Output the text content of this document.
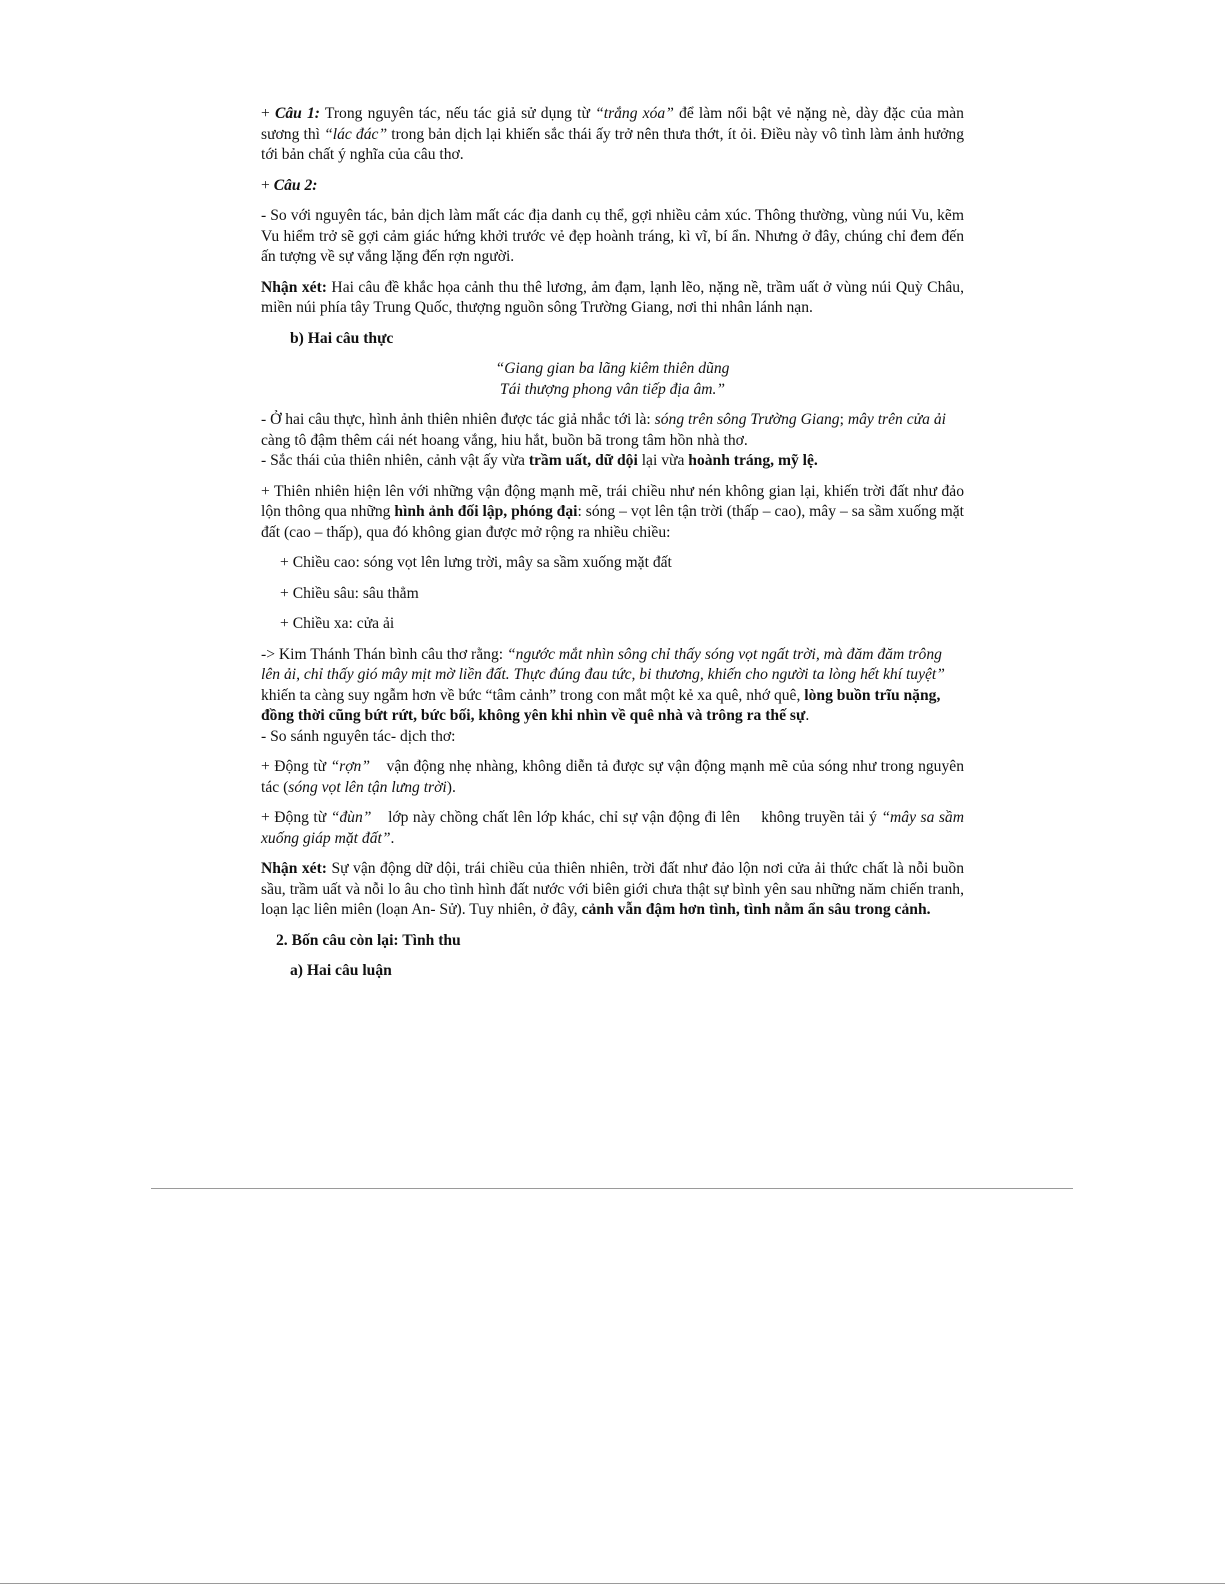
+ Câu 1: Trong nguyên tác, nếu tác giả sử dụng từ “trắng xóa” để làm nổi bật vẻ nặng nè, dày đặc của màn sương thì “lác đác” trong bản dịch lại khiến sắc thái ấy trở nên thưa thớt, ít ỏi. Điều này vô tình làm ảnh hưởng tới bản chất ý nghĩa của câu thơ.

+ Câu 2:

- So với nguyên tác, bản dịch làm mất các địa danh cụ thể, gợi nhiều cảm xúc. Thông thường, vùng núi Vu, kẽm Vu hiểm trở sẽ gợi cảm giác hứng khởi trước vẻ đẹp hoành tráng, kì vĩ, bí ẩn. Nhưng ở đây, chúng chỉ đem đến ấn tượng về sự vắng lặng đến rợn người.

Nhận xét: Hai câu đề khắc họa cảnh thu thê lương, ảm đạm, lạnh lẽo, nặng nề, trầm uất ở vùng núi Quỳ Châu, miền núi phía tây Trung Quốc, thượng nguồn sông Trường Giang, nơi thi nhân lánh nạn.

b) Hai câu thực

“Giang gian ba lãng kiêm thiên dũng

Tái thượng phong vân tiếp địa âm.”

- Ở hai câu thực, hình ảnh thiên nhiên được tác giả nhắc tới là: sóng trên sông Trường Giang; mây trên cửa ải càng tô đậm thêm cái nét hoang vắng, hiu hắt, buồn bã trong tâm hồn nhà thơ.

- Sắc thái của thiên nhiên, cảnh vật ấy vừa trầm uất, dữ dội lại vừa hoành tráng, mỹ lệ.

+ Thiên nhiên hiện lên với những vận động mạnh mẽ, trái chiều như nén không gian lại, khiến trời đất như đảo lộn thông qua những hình ảnh đối lập, phóng đại: sóng – vọt lên tận trời (thấp – cao), mây – sa sầm xuống mặt đất (cao – thấp), qua đó không gian được mở rộng ra nhiều chiều:

+ Chiều cao: sóng vọt lên lưng trời, mây sa sầm xuống mặt đất

+ Chiều sâu: sâu thẳm

+ Chiều xa: cửa ải

-> Kim Thánh Thán bình câu thơ rằng: “ngước mắt nhìn sông chỉ thấy sóng vọt ngất trời, mà đăm đăm trông lên ải, chỉ thấy gió mây mịt mờ liền đất. Thực đúng đau tức, bi thương, khiến cho người ta lòng hết khí tuyệt” khiến ta càng suy ngẫm hơn về bức “tâm cảnh” trong con mắt một kẻ xa quê, nhớ quê, lòng buồn trĩu nặng, đồng thời cũng bứt rứt, bức bối, không yên khi nhìn về quê nhà và trông ra thế sự.

- So sánh nguyên tác- dịch thơ:

+ Động từ “rợn” vận động nhẹ nhàng, không diễn tả được sự vận động mạnh mẽ của sóng như trong nguyên tác (sóng vọt lên tận lưng trời).

+ Động từ “đùn” lớp này chồng chất lên lớp khác, chỉ sự vận động đi lên không truyền tải ý “mây sa sầm xuống giáp mặt đất”.

Nhận xét: Sự vận động dữ dội, trái chiều của thiên nhiên, trời đất như đảo lộn nơi cửa ải thức chất là nỗi buồn sầu, trầm uất và nỗi lo âu cho tình hình đất nước với biên giới chưa thật sự bình yên sau những năm chiến tranh, loạn lạc liên miên (loạn An- Sử). Tuy nhiên, ở đây, cảnh vẫn đậm hơn tình, tình nằm ẩn sâu trong cảnh.

2. Bốn câu còn lại: Tình thu

a) Hai câu luận
